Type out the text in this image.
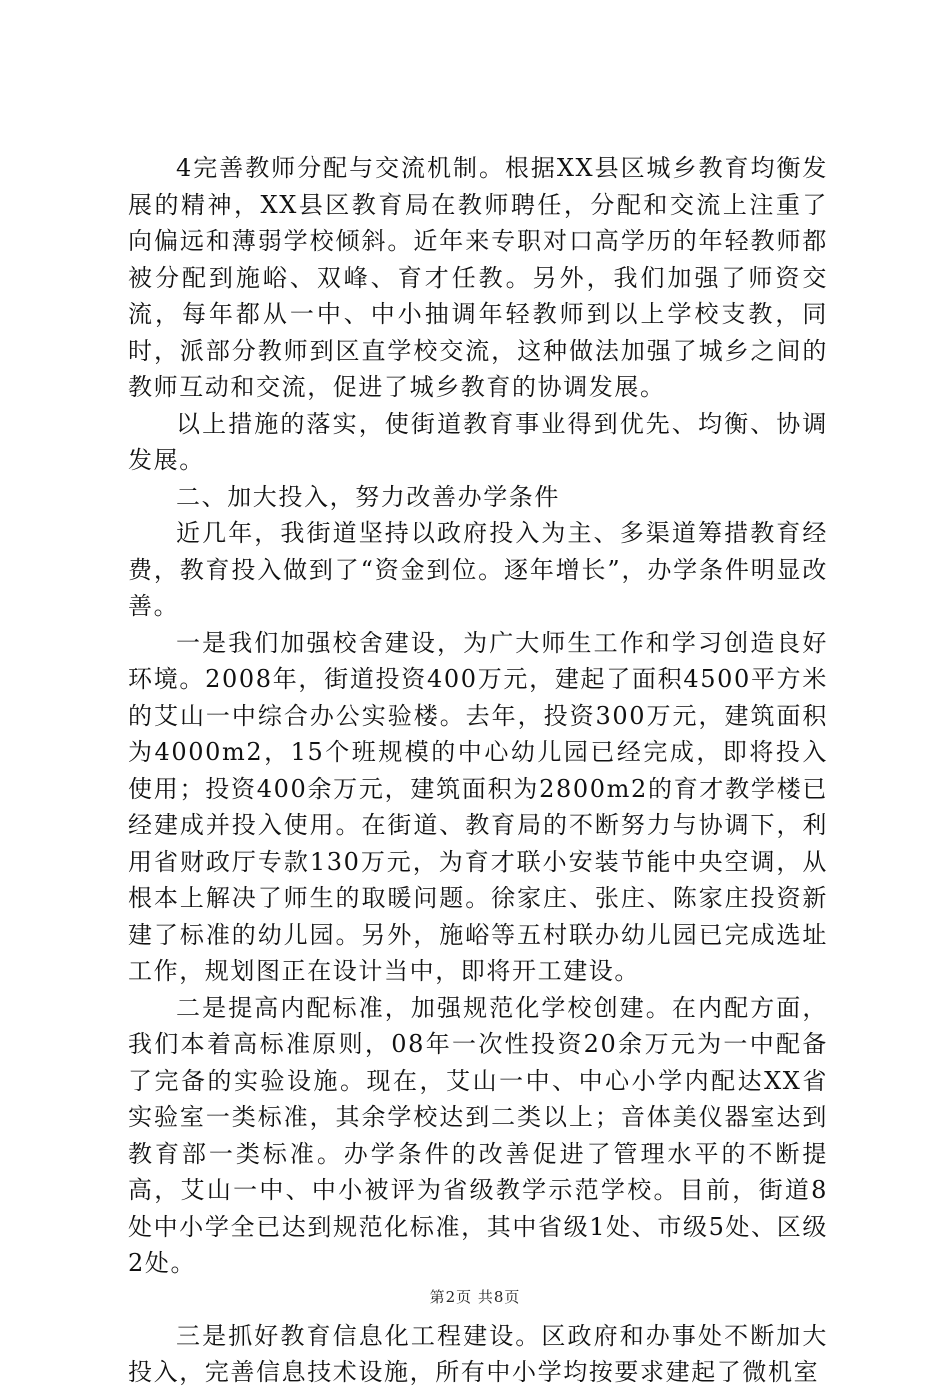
4完善教师分配与交流机制。根据XX县区城乡教育均衡发展的精神，XX县区教育局在教师聘任，分配和交流上注重了向偏远和薄弱学校倾斜。近年来专职对口高学历的年轻教师都被分配到施峪、双峰、育才任教。另外，我们加强了师资交流，每年都从一中、中小抽调年轻教师到以上学校支教，同时，派部分教师到区直学校交流，这种做法加强了城乡之间的教师互动和交流，促进了城乡教育的协调发展。

以上措施的落实，使街道教育事业得到优先、均衡、协调发展。

二、加大投入，努力改善办学条件

近几年，我街道坚持以政府投入为主、多渠道筹措教育经费，教育投入做到了“资金到位。逐年增长”，办学条件明显改善。

一是我们加强校舍建设，为广大师生工作和学习创造良好环境。2008年，街道投资400万元，建起了面积4500平方米的艾山一中综合办公实验楼。去年，投资300万元，建筑面积为4000m2，15个班规模的中心幼儿园已经完成，即将投入使用；投资400余万元，建筑面积为2800m2的育才教学楼已经建成并投入使用。在街道、教育局的不断努力与协调下，利用省财政厅专款130万元，为育才联小安装节能中央空调，从根本上解决了师生的取暖问题。徐家庄、张庄、陈家庄投资新建了标准的幼儿园。另外，施峪等五村联办幼儿园已完成选址工作，规划图正在设计当中，即将开工建设。

二是提高内配标准，加强规范化学校创建。在内配方面，我们本着高标准原则，08年一次性投资20余万元为一中配备了完备的实验设施。现在，艾山一中、中心小学内配达XX省实验室一类标准，其余学校达到二类以上；音体美仪器室达到教育部一类标准。办学条件的改善促进了管理水平的不断提高，艾山一中、中小被评为省级教学示范学校。目前，街道8处中小学全已达到规范化标准，其中省级1处、市级5处、区级2处。

三是抓好教育信息化工程建设。区政府和办事处不断加大投入，完善信息技术设施，所有中小学均按要求建起了微机室

第2页 共8页
